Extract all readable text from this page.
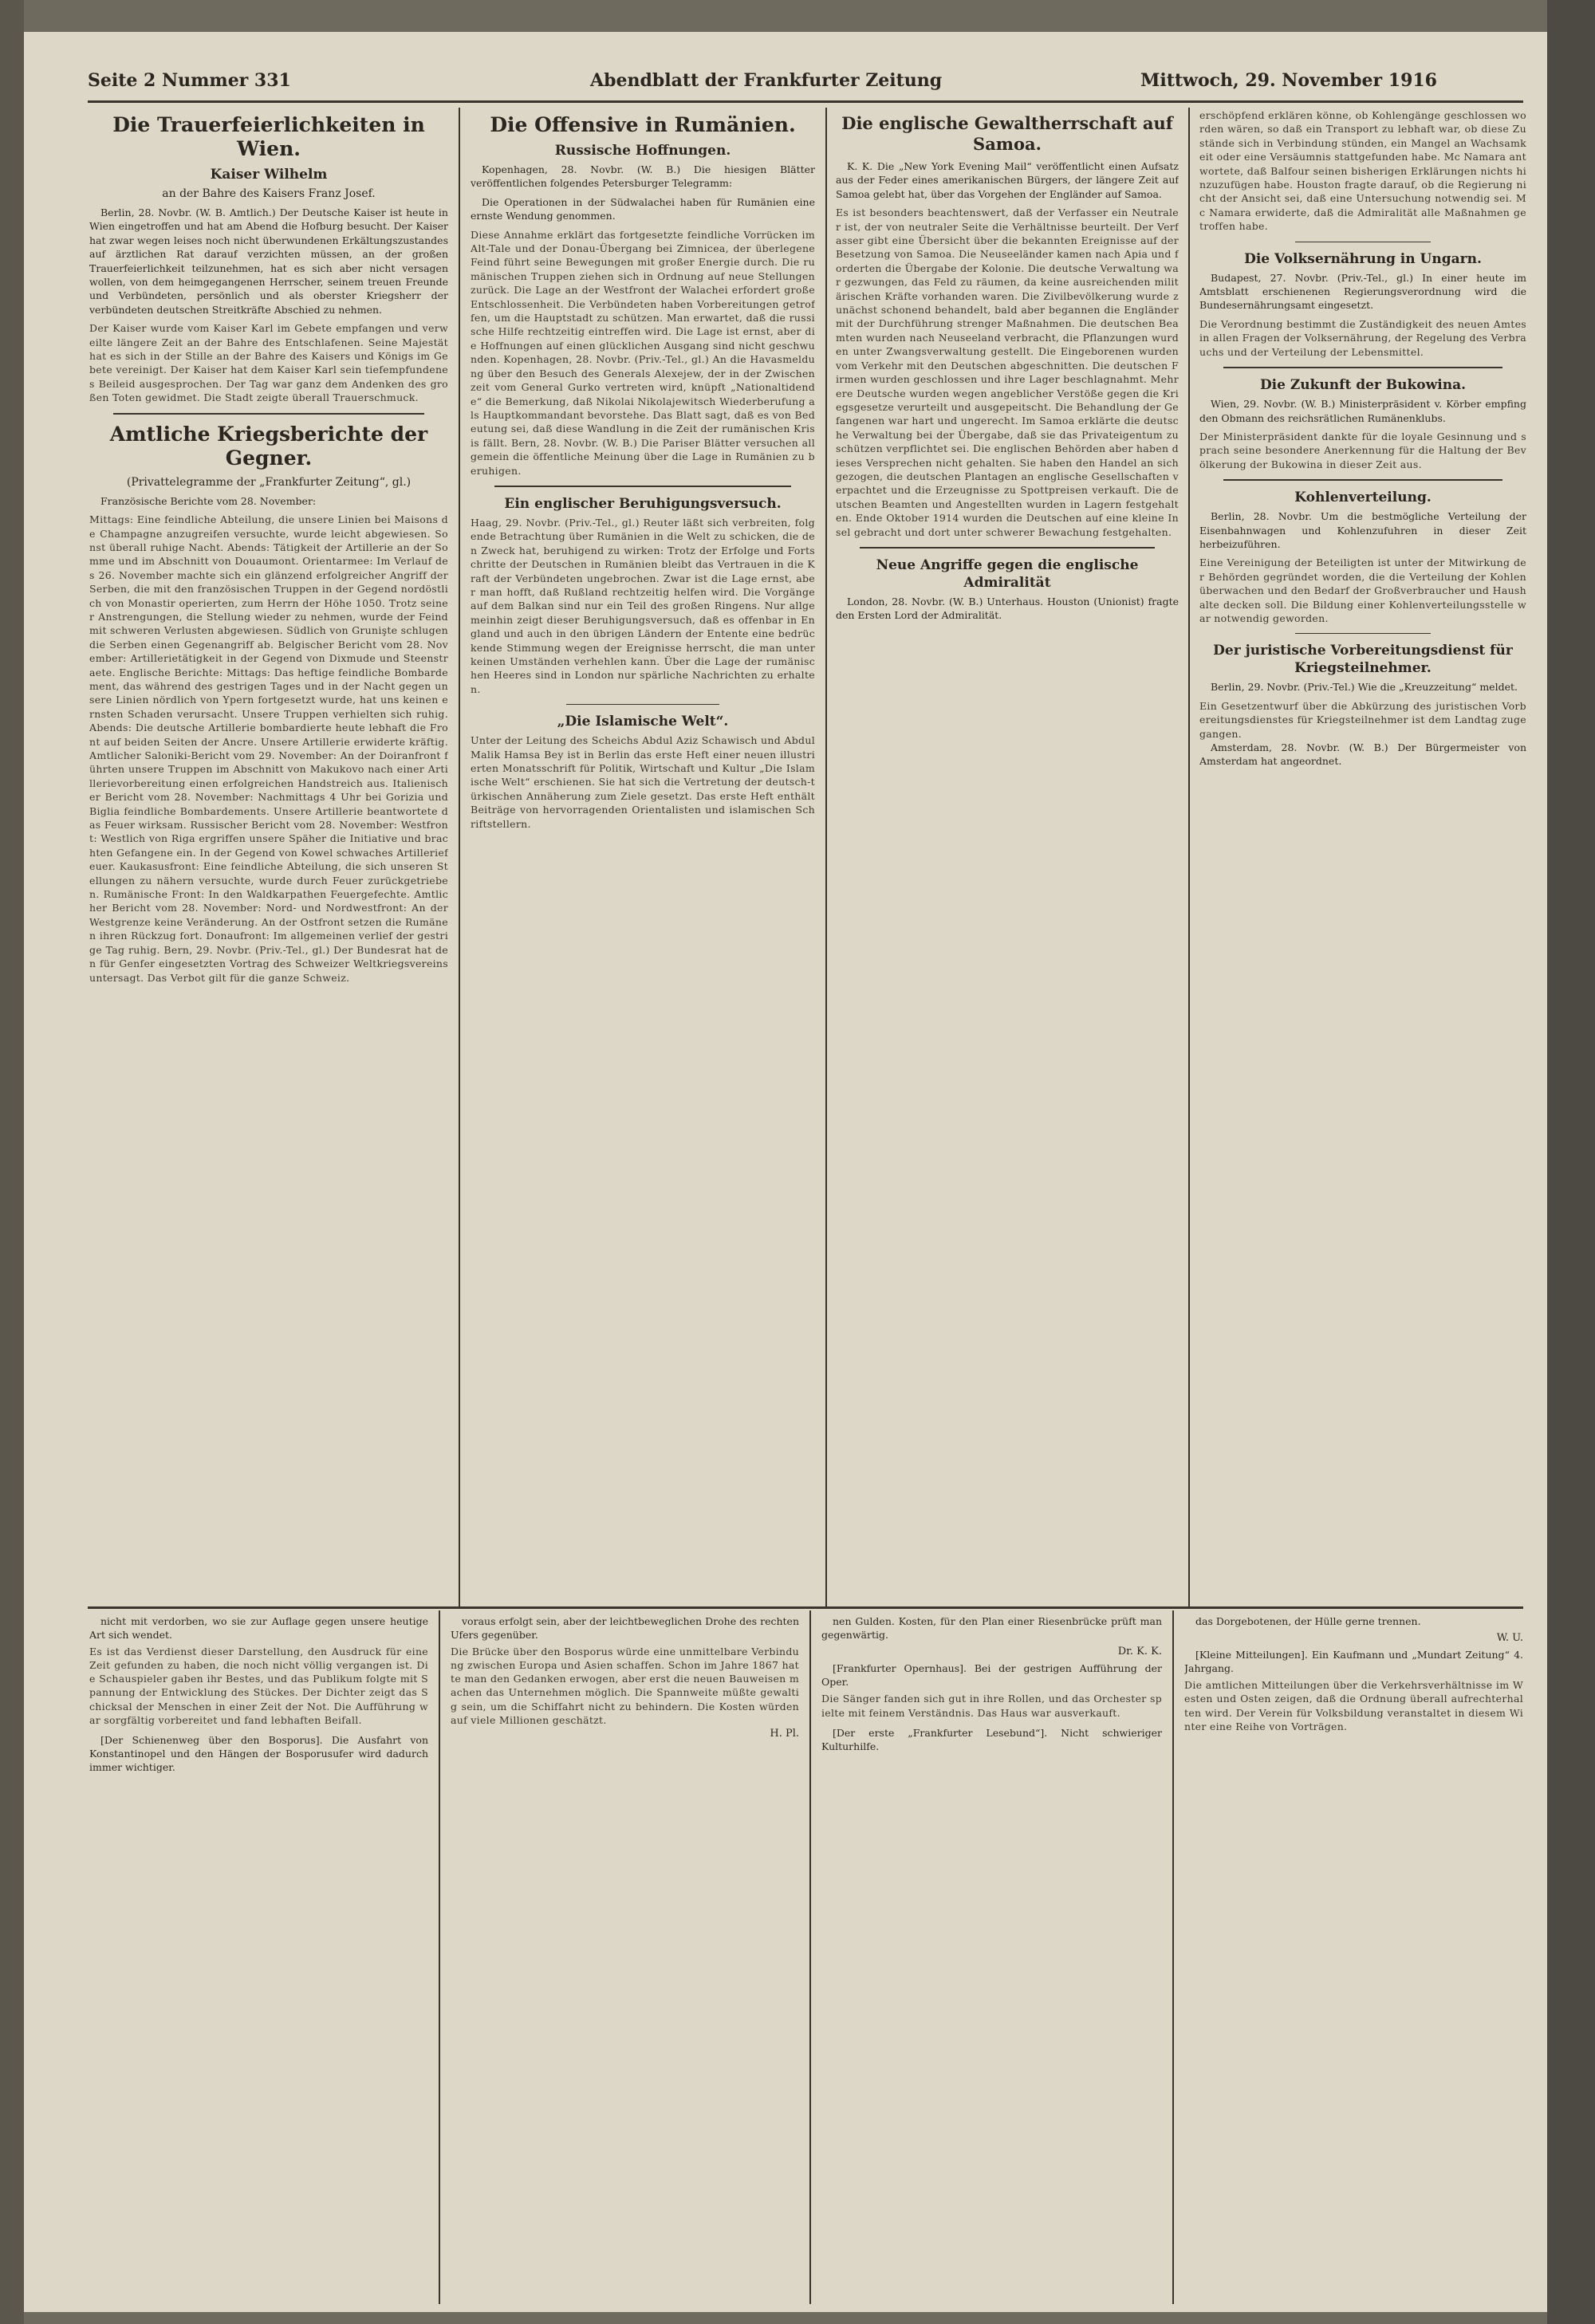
Seite 2 Nummer 331	Abendblatt der Frankfurter Zeitung	Mittwoch, 29. November 1916
Die Trauerfeierlichkeiten in Wien.
Kaiser Wilhelm
an der Bahre des Kaisers Franz Josef.

Berlin, 28. Novbr. (W. B. Amtlich.) Der Deutsche Kaiser ist heute in Wien eingetroffen und hat am Abend die Hofburg besucht. Der Kaiser hat zwar wegen leises noch nicht überwundenen Erkältungszustandes auf ärztlichen Rat darauf verzichten müssen, an der großen Trauerfeierlichkeit teilzunehmen, hat es sich aber nicht versagen wollen, von dem heimgegangenen Herrscher, seinem treuen Freunde und Verbündeten, persönlich und als oberster Kriegsherr der verbündeten deutschen Streitkräfte Abschied zu nehmen.

Der Kaiser wurde vom Kaiser Karl im Gebete empfangen und verweilte längere Zeit an der Bahre des Entschlafenen. Seine Majestät hat es sich in der Stille an der Bahre des Kaisers und Königs im Gebete vereinigt. Der Kaiser hat dem Kaiser Karl sein tiefempfundenes Beileid ausgesprochen. Der Tag war ganz dem Andenken des großen Toten gewidmet. Die Stadt zeigte überall Trauerschmuck.
Amtliche Kriegsberichte der Gegner.
(Privattelegramme der „Frankfurter Zeitung“, gl.)

Französische Berichte vom 28. November:

Mittags: Eine feindliche Abteilung, die unsere Linien bei Maisons de Champagne anzugreifen versuchte, wurde leicht abgewiesen. Sonst überall ruhige Nacht. Abends: Tätigkeit der Artillerie an der Somme und im Abschnitt von Douaumont. Orientarmee: Im Verlauf des 26. November machte sich ein glänzend erfolgreicher Angriff der Serben, die mit den französischen Truppen in der Gegend nordöstlich von Monastir operierten, zum Herrn der Höhe 1050. Trotz seiner Anstrengungen, die Stellung wieder zu nehmen, wurde der Feind mit schweren Verlusten abgewiesen. Südlich von Grunişte schlugen die Serben einen Gegenangriff ab. Belgischer Bericht vom 28. November: Artillerietätigkeit in der Gegend von Dixmude und Steenstraete. Englische Berichte: Mittags: Das heftige feindliche Bombardement, das während des gestrigen Tages und in der Nacht gegen unsere Linien nördlich von Ypern fortgesetzt wurde, hat uns keinen ernsten Schaden verursacht. Unsere Truppen verhielten sich ruhig. Abends: Die deutsche Artillerie bombardierte heute lebhaft die Front auf beiden Seiten der Ancre. Unsere Artillerie erwiderte kräftig. Amtlicher Saloniki-Bericht vom 29. November: An der Doiranfront führten unsere Truppen im Abschnitt von Makukovo nach einer Artillerievorbereitung einen erfolgreichen Handstreich aus. Italienischer Bericht vom 28. November: Nachmittags 4 Uhr bei Gorizia und Biglia feindliche Bombardements. Unsere Artillerie beantwortete das Feuer wirksam. Russischer Bericht vom 28. November: Westfront: Westlich von Riga ergriffen unsere Späher die Initiative und brachten Gefangene ein. In der Gegend von Kowel schwaches Artilleriefeuer. Kaukasusfront: Eine feindliche Abteilung, die sich unseren Stellungen zu nähern versuchte, wurde durch Feuer zurückgetrieben. Rumänische Front: In den Waldkarpathen Feuergefechte. Amtlicher Bericht vom 28. November: Nord- und Nordwestfront: An der Westgrenze keine Veränderung. An der Ostfront setzen die Rumänen ihren Rückzug fort. Donaufront: Im allgemeinen verlief der gestrige Tag ruhig. Bern, 29. Novbr. (Priv.-Tel., gl.) Der Bundesrat hat den für Genfer eingesetzten Vortrag des Schweizer Weltkriegsvereins untersagt. Das Verbot gilt für die ganze Schweiz.
Die Offensive in Rumänien.
Russische Hoffnungen.

Kopenhagen, 28. Novbr. (W. B.) Die hiesigen Blätter veröffentlichen folgendes Petersburger Telegramm:

Die Operationen in der Südwalachei haben für Rumänien eine ernste Wendung genommen.

Diese Annahme erklärt das fortgesetzte feindliche Vorrücken im Alt-Tale und der Donau-Übergang bei Zimnicea, der überlegene Feind führt seine Bewegungen mit großer Energie durch. Die rumänischen Truppen ziehen sich in Ordnung auf neue Stellungen zurück. Die Lage an der Westfront der Walachei erfordert große Entschlossenheit. Die Verbündeten haben Vorbereitungen getroffen, um die Hauptstadt zu schützen. Man erwartet, daß die russische Hilfe rechtzeitig eintreffen wird. Die Lage ist ernst, aber die Hoffnungen auf einen glücklichen Ausgang sind nicht geschwunden. Kopenhagen, 28. Novbr. (Priv.-Tel., gl.) An die Havasmeldung über den Besuch des Generals Alexejew, der in der Zwischenzeit vom General Gurko vertreten wird, knüpft „Nationaltidende“ die Bemerkung, daß Nikolai Nikolajewitsch Wiederberufung als Hauptkommandant bevorstehe. Das Blatt sagt, daß es von Bedeutung sei, daß diese Wandlung in die Zeit der rumänischen Krisis fällt. Bern, 28. Novbr. (W. B.) Die Pariser Blätter versuchen allgemein die öffentliche Meinung über die Lage in Rumänien zu beruhigen.
Ein englischer Beruhigungsversuch.
Haag, 29. Novbr. (Priv.-Tel., gl.) Reuter läßt sich verbreiten, folgende Betrachtung über Rumänien in die Welt zu schicken, die den Zweck hat, beruhigend zu wirken: Trotz der Erfolge und Fortschritte der Deutschen in Rumänien bleibt das Vertrauen in die Kraft der Verbündeten ungebrochen. Zwar ist die Lage ernst, aber man hofft, daß Rußland rechtzeitig helfen wird. Die Vorgänge auf dem Balkan sind nur ein Teil des großen Ringens. Nur allgemeinhin zeigt dieser Beruhigungsversuch, daß es offenbar in England und auch in den übrigen Ländern der Entente eine bedrückende Stimmung wegen der Ereignisse herrscht, die man unter keinen Umständen verhehlen kann. Über die Lage der rumänischen Heeres sind in London nur spärliche Nachrichten zu erhalten.
„Die Islamische Welt“.
Unter der Leitung des Scheichs Abdul Aziz Schawisch und Abdul Malik Hamsa Bey ist in Berlin das erste Heft einer neuen illustrierten Monatsschrift für Politik, Wirtschaft und Kultur „Die Islamische Welt“ erschienen. Sie hat sich die Vertretung der deutsch-türkischen Annäherung zum Ziele gesetzt. Das erste Heft enthält Beiträge von hervorragenden Orientalisten und islamischen Schriftstellern.
Die englische Gewaltherrschaft auf Samoa.

K. K. Die „New York Evening Mail“ veröffentlicht einen Aufsatz aus der Feder eines amerikanischen Bürgers, der längere Zeit auf Samoa gelebt hat, über das Vorgehen der Engländer auf Samoa.

Es ist besonders beachtenswert, daß der Verfasser ein Neutraler ist, der von neutraler Seite die Verhältnisse beurteilt. Der Verfasser gibt eine Übersicht über die bekannten Ereignisse auf der Besetzung von Samoa. Die Neuseeländer kamen nach Apia und forderten die Übergabe der Kolonie. Die deutsche Verwaltung war gezwungen, das Feld zu räumen, da keine ausreichenden militärischen Kräfte vorhanden waren. Die Zivilbevölkerung wurde zunächst schonend behandelt, bald aber begannen die Engländer mit der Durchführung strenger Maßnahmen. Die deutschen Beamten wurden nach Neuseeland verbracht, die Pflanzungen wurden unter Zwangsverwaltung gestellt. Die Eingeborenen wurden vom Verkehr mit den Deutschen abgeschnitten. Die deutschen Firmen wurden geschlossen und ihre Lager beschlagnahmt. Mehrere Deutsche wurden wegen angeblicher Verstöße gegen die Kriegsgesetze verurteilt und ausgepeitscht. Die Behandlung der Gefangenen war hart und ungerecht. Im Samoa erklärte die deutsche Verwaltung bei der Übergabe, daß sie das Privateigentum zu schützen verpflichtet sei. Die englischen Behörden aber haben dieses Versprechen nicht gehalten. Sie haben den Handel an sich gezogen, die deutschen Plantagen an englische Gesellschaften verpachtet und die Erzeugnisse zu Spottpreisen verkauft. Die deutschen Beamten und Angestellten wurden in Lagern festgehalten. Ende Oktober 1914 wurden die Deutschen auf eine kleine Insel gebracht und dort unter schwerer Bewachung festgehalten.
Neue Angriffe gegen die englische Admiralität

London, 28. Novbr. (W. B.) Unterhaus. Houston (Unionist) fragte den Ersten Lord der Admiralität.

erschöpfend erklären könne, ob Kohlengänge geschlossen worden wären, so daß ein Transport zu lebhaft war, ob diese Zustände sich in Verbindung stünden, ein Mangel an Wachsamkeit oder eine Versäumnis stattgefunden habe. Mc Namara antwortete, daß Balfour seinen bisherigen Erklärungen nichts hinzuzufügen habe. Houston fragte darauf, ob die Regierung nicht der Ansicht sei, daß eine Untersuchung notwendig sei. Mc Namara erwiderte, daß die Admiralität alle Maßnahmen getroffen habe.
Die Volksernährung in Ungarn.

Budapest, 27. Novbr. (Priv.-Tel., gl.) In einer heute im Amtsblatt erschienenen Regierungsverordnung wird die Bundesernährungsamt eingesetzt.

Die Verordnung bestimmt die Zuständigkeit des neuen Amtes in allen Fragen der Volksernährung, der Regelung des Verbrauchs und der Verteilung der Lebensmittel.
Die Zukunft der Bukowina.

Wien, 29. Novbr. (W. B.) Ministerpräsident v. Körber empfing den Obmann des reichsrätlichen Rumänenklubs.

Der Ministerpräsident dankte für die loyale Gesinnung und sprach seine besondere Anerkennung für die Haltung der Bevölkerung der Bukowina in dieser Zeit aus.
Kohlenverteilung.

Berlin, 28. Novbr. Um die bestmögliche Verteilung der Eisenbahnwagen und Kohlenzufuhren in dieser Zeit herbeizuführen.

Eine Vereinigung der Beteiligten ist unter der Mitwirkung der Behörden gegründet worden, die die Verteilung der Kohlen überwachen und den Bedarf der Großverbraucher und Haushalte decken soll. Die Bildung einer Kohlenverteilungsstelle war notwendig geworden.
Der juristische Vorbereitungsdienst für Kriegsteilnehmer.

Berlin, 29. Novbr. (Priv.-Tel.) Wie die „Kreuzzeitung“ meldet.

Ein Gesetzentwurf über die Abkürzung des juristischen Vorbereitungsdienstes für Kriegsteilnehmer ist dem Landtag zugegangen.

Amsterdam, 28. Novbr. (W. B.) Der Bürgermeister von Amsterdam hat angeordnet.

nicht mit verdorben, wo sie zur Auflage gegen unsere heutige Art sich wendet.

Es ist das Verdienst dieser Darstellung, den Ausdruck für eine Zeit gefunden zu haben, die noch nicht völlig vergangen ist. Die Schauspieler gaben ihr Bestes, und das Publikum folgte mit Spannung der Entwicklung des Stückes. Der Dichter zeigt das Schicksal der Menschen in einer Zeit der Not. Die Aufführung war sorgfältig vorbereitet und fand lebhaften Beifall.

[Der Schienenweg über den Bosporus]. Die Ausfahrt von Konstantinopel und den Hängen der Bosporusufer wird dadurch immer wichtiger.

voraus erfolgt sein, aber der leichtbeweglichen Drohe des rechten Ufers gegenüber.

Die Brücke über den Bosporus würde eine unmittelbare Verbindung zwischen Europa und Asien schaffen. Schon im Jahre 1867 hatte man den Gedanken erwogen, aber erst die neuen Bauweisen machen das Unternehmen möglich. Die Spannweite müßte gewaltig sein, um die Schiffahrt nicht zu behindern. Die Kosten würden auf viele Millionen geschätzt.

H. Pl.

nen Gulden. Kosten, für den Plan einer Riesenbrücke prüft man gegenwärtig.

Dr. K. K.

[Frankfurter Opernhaus]. Bei der gestrigen Aufführung der Oper.

Die Sänger fanden sich gut in ihre Rollen, und das Orchester spielte mit feinem Verständnis. Das Haus war ausverkauft.

[Der erste „Frankfurter Lesebund“]. Nicht schwieriger Kulturhilfe.

das Dorgebotenen, der Hülle gerne trennen.

W. U.

[Kleine Mitteilungen]. Ein Kaufmann und „Mundart Zeitung“ 4. Jahrgang.

Die amtlichen Mitteilungen über die Verkehrsverhältnisse im Westen und Osten zeigen, daß die Ordnung überall aufrechterhalten wird. Der Verein für Volksbildung veranstaltet in diesem Winter eine Reihe von Vorträgen.
